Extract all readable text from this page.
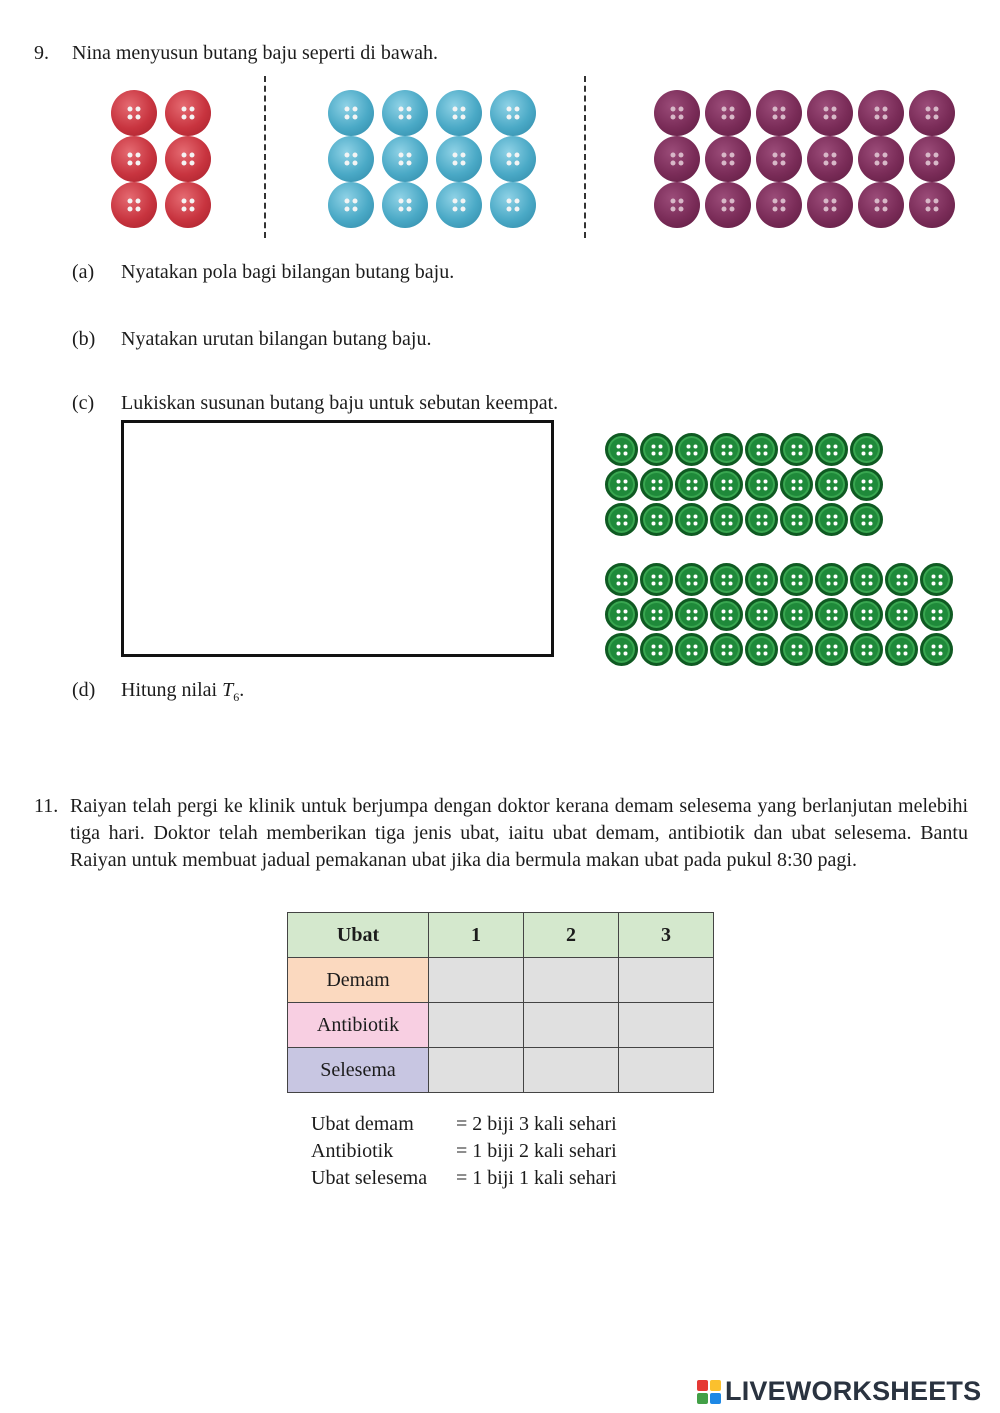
9. Nina menyusun butang baju seperti di bawah.
(a) Nyatakan pola bagi bilangan butang baju.
(b) Nyatakan urutan bilangan butang baju.
(c) Lukiskan susunan butang baju untuk sebutan keempat.
(d) Hitung nilai $T_6$.
11. Raiyan telah pergi ke klinik untuk berjumpa dengan doktor kerana demam selesema yang berlanjutan melebihi tiga hari. Doktor telah memberikan tiga jenis ubat, iaitu ubat demam, antibiotik dan ubat selesema. Bantu Raiyan untuk membuat jadual pemakanan ubat jika dia bermula makan ubat pada pukul 8:30 pagi.
Ubat	1	2	3
Demam			
Antibiotik			
Selesema			
Ubat demam	= 2 biji 3 kali sehari
Antibiotik	= 1 biji 2 kali sehari
Ubat selesema	= 1 biji 1 kali sehari
LIVEWORKSHEETS
